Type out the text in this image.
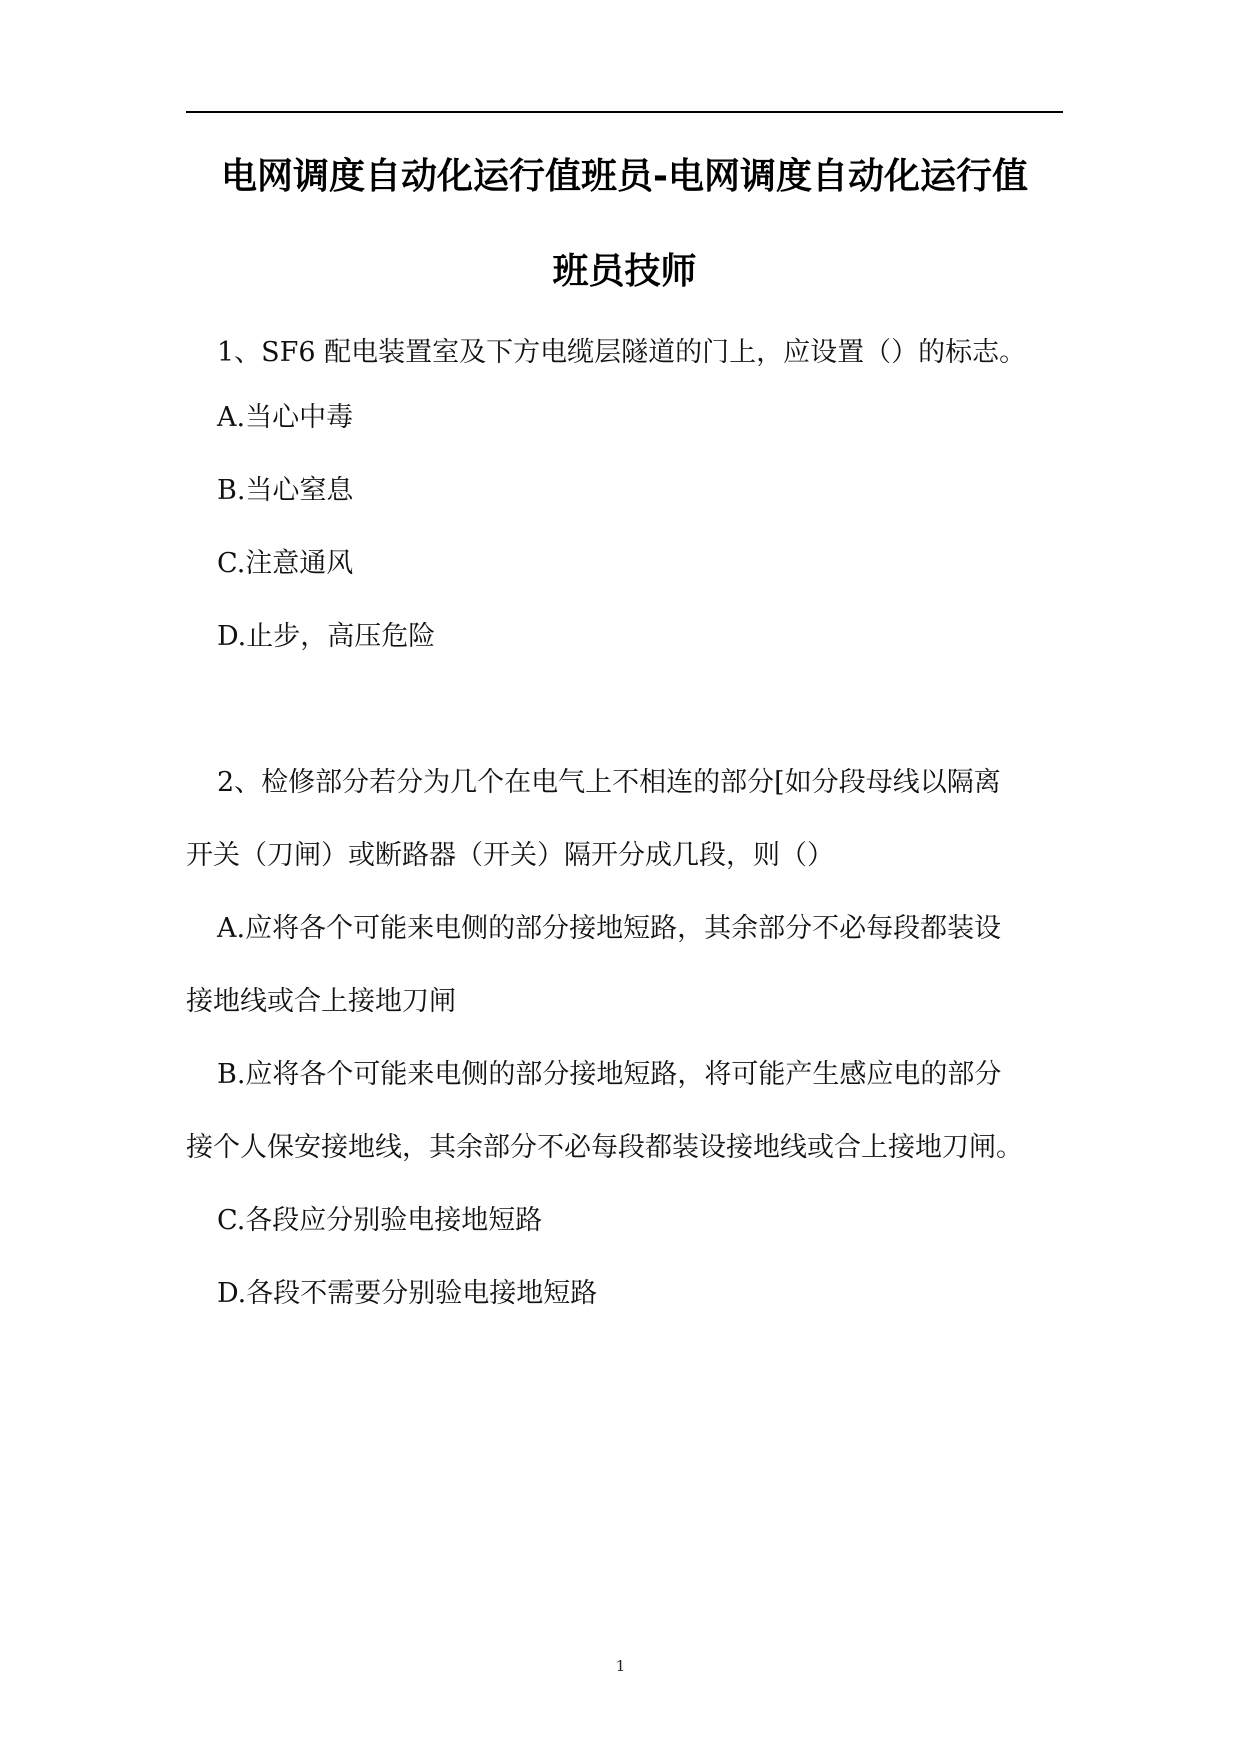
电网调度自动化运行值班员-电网调度自动化运行值
班员技师
1、SF6 配电装置室及下方电缆层隧道的门上，应设置（）的标志。
A.当心中毒
B.当心窒息
C.注意通风
D.止步，高压危险
2、检修部分若分为几个在电气上不相连的部分[如分段母线以隔离
开关（刀闸）或断路器（开关）隔开分成几段，则（）
A.应将各个可能来电侧的部分接地短路，其余部分不必每段都装设
接地线或合上接地刀闸
B.应将各个可能来电侧的部分接地短路，将可能产生感应电的部分
接个人保安接地线，其余部分不必每段都装设接地线或合上接地刀闸。
C.各段应分别验电接地短路
D.各段不需要分别验电接地短路
1
